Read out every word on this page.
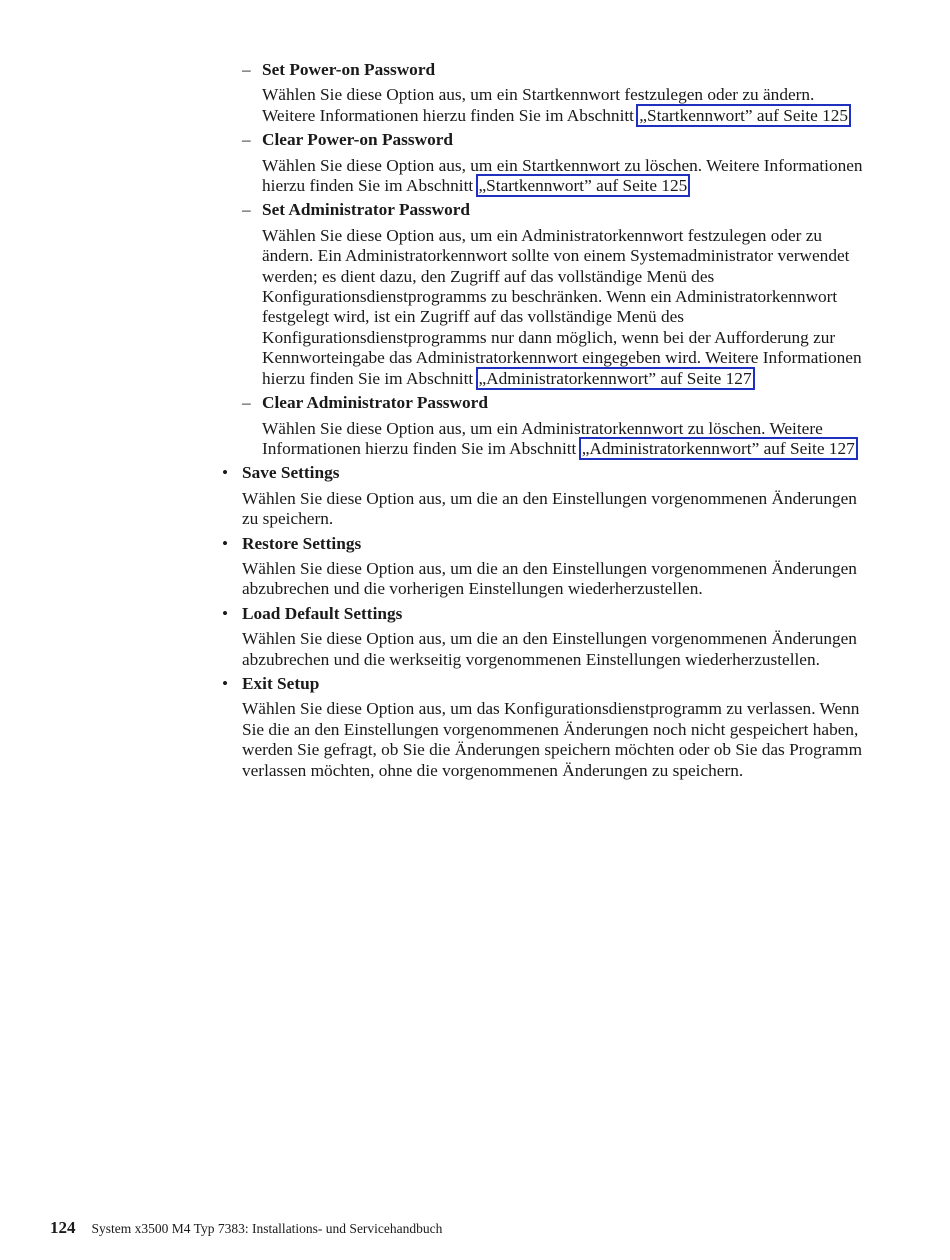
– Set Power-on Password

Wählen Sie diese Option aus, um ein Startkennwort festzulegen oder zu ändern. Weitere Informationen hierzu finden Sie im Abschnitt „Startkennwort” auf Seite 125

– Clear Power-on Password

Wählen Sie diese Option aus, um ein Startkennwort zu löschen. Weitere Informationen hierzu finden Sie im Abschnitt „Startkennwort” auf Seite 125

– Set Administrator Password

Wählen Sie diese Option aus, um ein Administratorkennwort festzulegen oder zu ändern. Ein Administratorkennwort sollte von einem Systemadministrator verwendet werden; es dient dazu, den Zugriff auf das vollständige Menü des Konfigurationsdienstprogramms zu beschränken. Wenn ein Administratorkennwort festgelegt wird, ist ein Zugriff auf das vollständige Menü des Konfigurationsdienstprogramms nur dann möglich, wenn bei der Aufforderung zur Kennworteingabe das Administratorkennwort eingegeben wird. Weitere Informationen hierzu finden Sie im Abschnitt „Administratorkennwort” auf Seite 127

– Clear Administrator Password

Wählen Sie diese Option aus, um ein Administratorkennwort zu löschen. Weitere Informationen hierzu finden Sie im Abschnitt „Administratorkennwort” auf Seite 127

• Save Settings

Wählen Sie diese Option aus, um die an den Einstellungen vorgenommenen Änderungen zu speichern.

• Restore Settings

Wählen Sie diese Option aus, um die an den Einstellungen vorgenommenen Änderungen abzubrechen und die vorherigen Einstellungen wiederherzustellen.

• Load Default Settings

Wählen Sie diese Option aus, um die an den Einstellungen vorgenommenen Änderungen abzubrechen und die werkseitig vorgenommenen Einstellungen wiederherzustellen.

• Exit Setup

Wählen Sie diese Option aus, um das Konfigurationsdienstprogramm zu verlassen. Wenn Sie die an den Einstellungen vorgenommenen Änderungen noch nicht gespeichert haben, werden Sie gefragt, ob Sie die Änderungen speichern möchten oder ob Sie das Programm verlassen möchten, ohne die vorgenommenen Änderungen zu speichern.

124 System x3500 M4 Typ 7383: Installations- und Servicehandbuch
